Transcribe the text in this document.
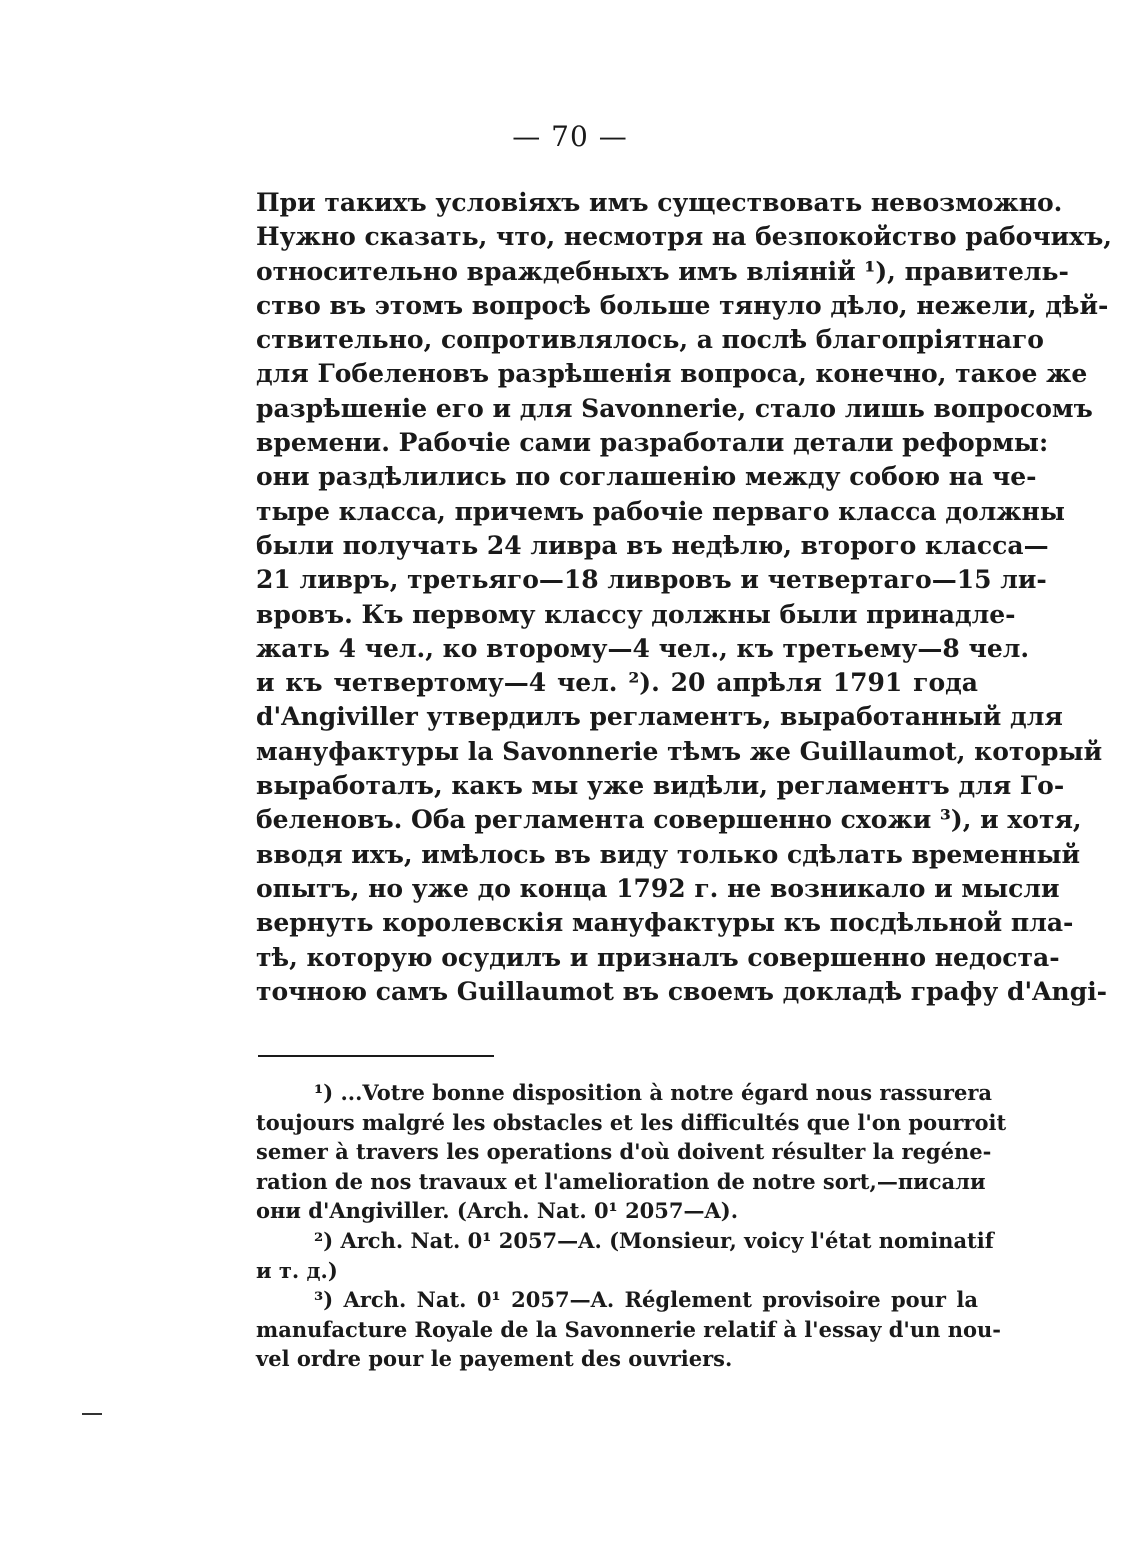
— 70 —
При такихъ условіяхъ имъ существовать невозможно.
Нужно сказать, что, несмотря на безпокойство рабочихъ,
относительно враждебныхъ имъ вліяній ¹), правитель-
ство въ этомъ вопросѣ больше тянуло дѣло, нежели, дѣй-
ствительно, сопротивлялось, а послѣ благопріятнаго
для Гобеленовъ разрѣшенія вопроса, конечно, такое же
разрѣшеніе его и для Savonnerie, стало лишь вопросомъ
времени. Рабочіе сами разработали детали реформы:
они раздѣлились по соглашенію между собою на че-
тыре класса, причемъ рабочіе перваго класса должны
были получать 24 ливра въ недѣлю, второго класса—
21 ливръ, третьяго—18 ливровъ и четвертаго—15 ли-
вровъ. Къ первому классу должны были принадле-
жать 4 чел., ко второму—4 чел., къ третьему—8 чел.
и къ четвертому—4 чел. ²). 20 апрѣля 1791 года
d'Angiviller утвердилъ регламентъ, выработанный для
мануфактуры la Savonnerie тѣмъ же Guillaumot, который
выработалъ, какъ мы уже видѣли, регламентъ для Го-
беленовъ. Оба регламента совершенно схожи ³), и хотя,
вводя ихъ, имѣлось въ виду только сдѣлать временный
опытъ, но уже до конца 1792 г. не возникало и мысли
вернуть королевскія мануфактуры къ посдѣльной пла-
тѣ, которую осудилъ и призналъ совершенно недоста-
точною самъ Guillaumot въ своемъ докладѣ графу d'Angi-
¹) ...Votre bonne disposition à notre égard nous rassurera
toujours malgré les obstacles et les difficultés que l'on pourroit
semer à travers les operations d'où doivent résulter la regéne-
ration de nos travaux et l'amelioration de notre sort,—писали
они d'Angiviller. (Arch. Nat. 0¹ 2057—A).
²) Arch. Nat. 0¹ 2057—A. (Monsieur, voicy l'état nominatif
и т. д.)
³) Arch. Nat. 0¹ 2057—A. Réglement provisoire pour la
manufacture Royale de la Savonnerie relatif à l'essay d'un nou-
vel ordre pour le payement des ouvriers.
